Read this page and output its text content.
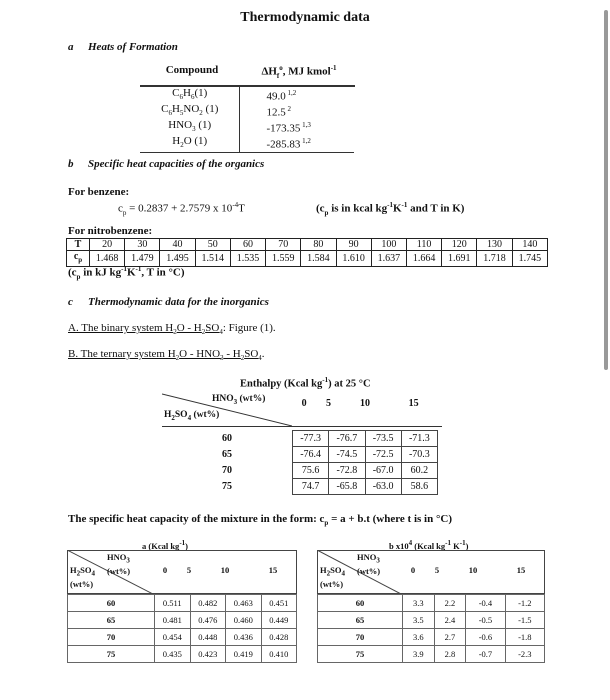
Thermodynamic data
a Heats of Formation
Compound	$\Delta H_f^o$, MJ kmol$^{-1}$
$C_6H_6(1)$	49.0 $^{1,2}$
$C_6H_5NO_2$ (1)	12.5 $^2$
$HNO_3$ (1)	-173.35 $^{1,3}$
$H_2O$ (1)	-285.83 $^{1,2}$
b Specific heat capacities of the organics
For benzene:
$c_p = 0.2837 + 2.7579$ x $10^{-4}T$	($c_p$ is in kcal $kg^{-1}K^{-1}$ and T in K)
For nitrobenzene:
T	20	30	40	50	60	70	80	90	100	110	120	130	140
$c_p$	1.468	1.479	1.495	1.514	1.535	1.559	1.584	1.610	1.637	1.664	1.691	1.718	1.745
($c_p$ in kJ $kg^{-1}K^{-1}$, T in °C)
c Thermodynamic data for the inorganics
A. The binary system $H_2O - H_2SO_4$: Figure (1).
B. The ternary system $H_2O - HNO_3 - H_2SO_4$.
Enthalpy (Kcal $kg^{-1}$) at 25 °C
$HNO_3$ (wt%)
$H_2SO_4$ (wt%)
0	5	10	15
60	-77.3	-76.7	-73.5	-71.3
65	-76.4	-74.5	-72.5	-70.3
70	75.6	-72.8	-67.0	60.2
75	74.7	-65.8	-63.0	58.6
The specific heat capacity of the mixture in the form: $c_p = a + b.t$ (where t is in °C)
a (Kcal $kg^{-1}$)
$HNO_3$ (wt%)
$H_2SO_4$ (wt%)
0	5	10	15
60	0.511	0.482	0.463	0.451
65	0.481	0.476	0.460	0.449
70	0.454	0.448	0.436	0.428
75	0.435	0.423	0.419	0.410
b $x10^4$ (Kcal $kg^{-1}$ $K^{-1}$)
$HNO_3$ (wt%)
$H_2SO_4$ (wt%)
0	5	10	15
60	3.3	2.2	-0.4	-1.2
65	3.5	2.4	-0.5	-1.5
70	3.6	2.7	-0.6	-1.8
75	3.9	2.8	-0.7	-2.3
